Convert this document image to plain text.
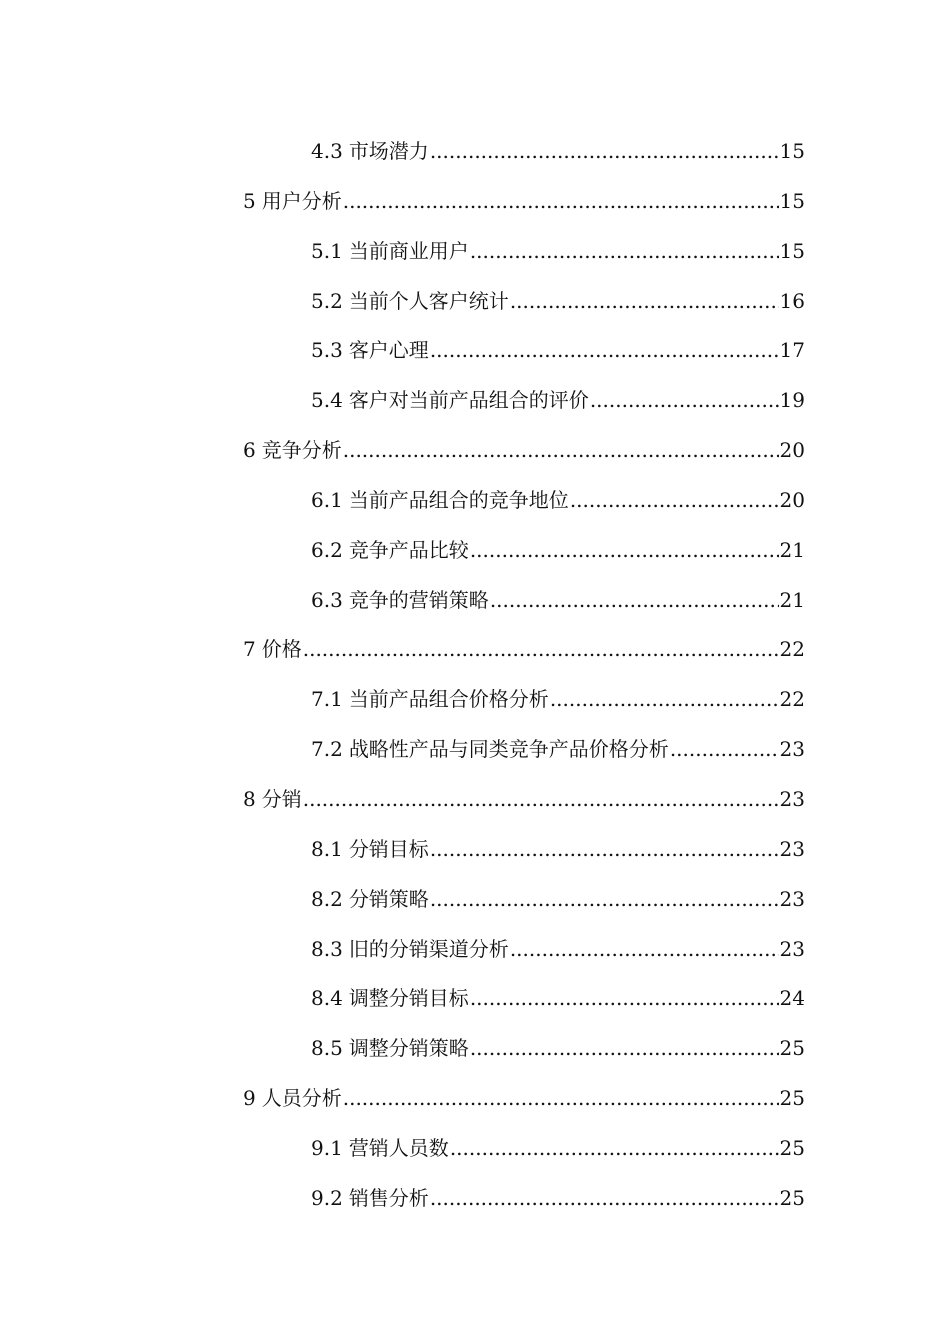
4.3 市场潜力 .....	15
5 用户分析 .....	15
5.1 当前商业用户 .....	15
5.2 当前个人客户统计 .....	16
5.3 客户心理 .....	17
5.4 客户对当前产品组合的评价 .....	19
6 竞争分析 .....	20
6.1 当前产品组合的竞争地位 .....	20
6.2 竞争产品比较 .....	21
6.3 竞争的营销策略 .....	21
7 价格 .....	22
7.1 当前产品组合价格分析 .....	22
7.2 战略性产品与同类竞争产品价格分析 .....	23
8 分销 .....	23
8.1 分销目标 .....	23
8.2 分销策略 .....	23
8.3 旧的分销渠道分析 .....	23
8.4 调整分销目标 .....	24
8.5 调整分销策略 .....	25
9 人员分析 .....	25
9.1 营销人员数 .....	25
9.2 销售分析 .....	25
